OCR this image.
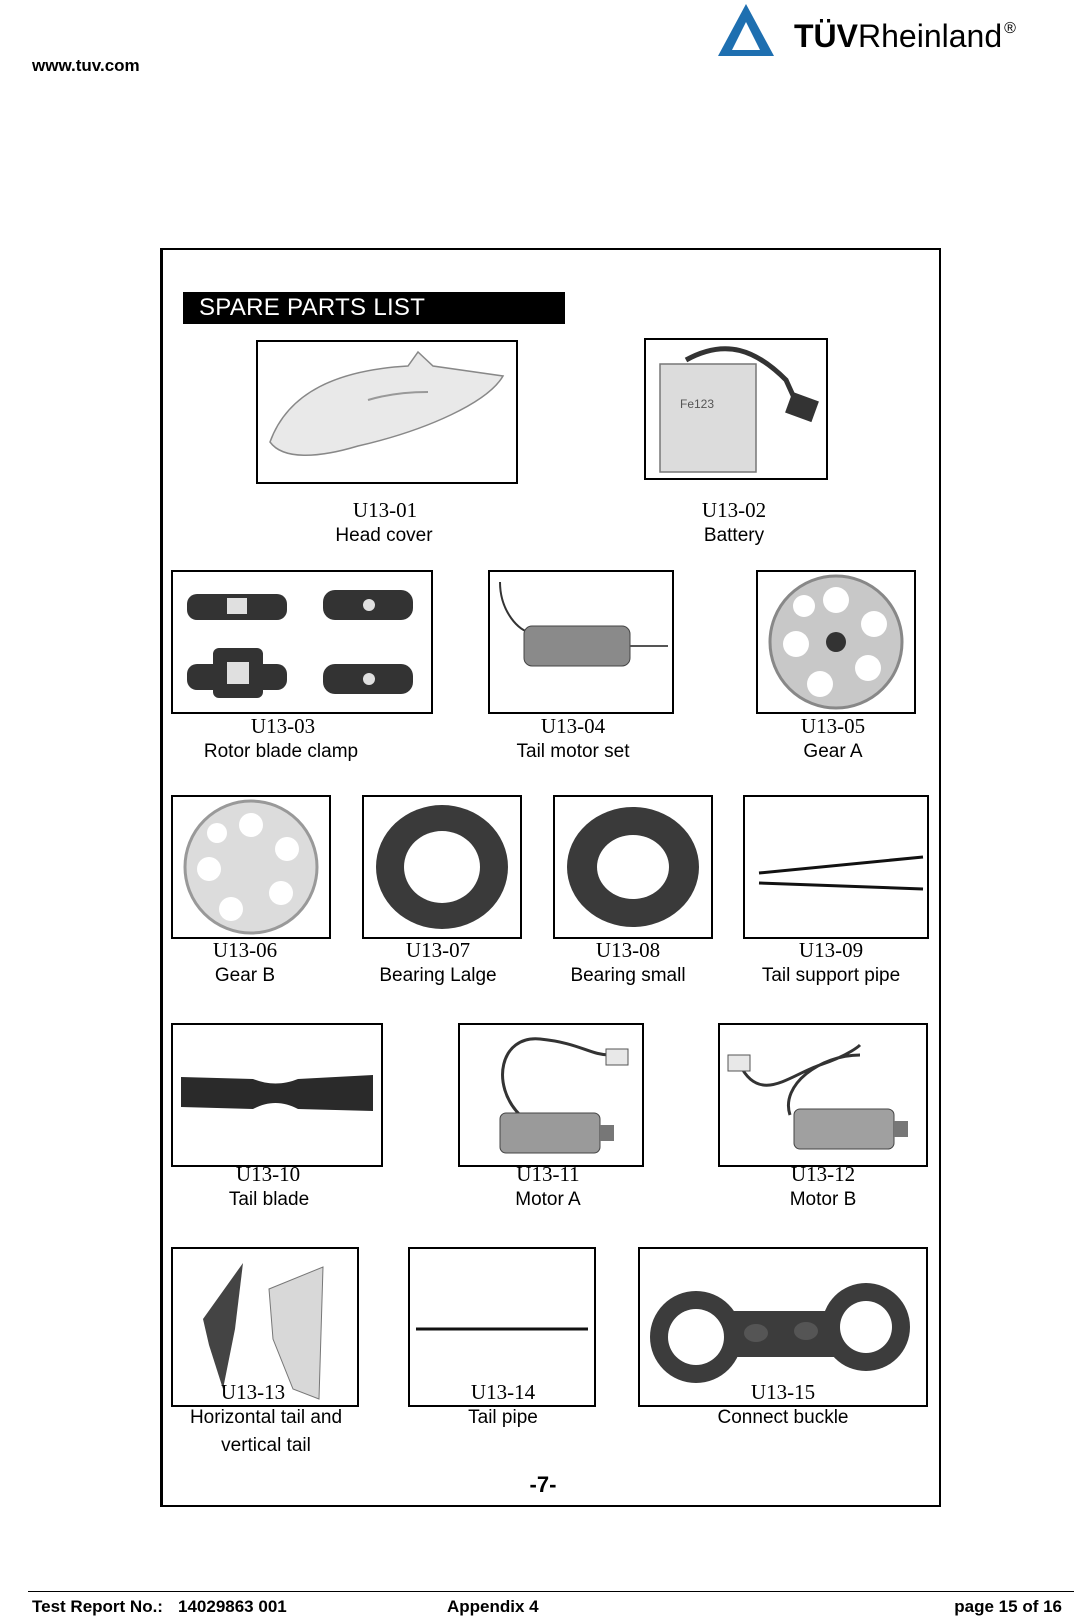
www.tuv.com
TÜVRheinland ®
SPARE PARTS LIST
Fe123
U13-01
Head cover
U13-02
Battery
U13-03
Rotor blade clamp
U13-04
Tail motor set
U13-05
Gear A
U13-06
Gear B
U13-07
Bearing Lalge
U13-08
Bearing small
U13-09
Tail support pipe
U13-10
Tail blade
U13-11
Motor A
U13-12
Motor B
U13-13
Horizontal tail and
vertical tail
U13-14
Tail pipe
U13-15
Connect buckle
-7-
Test Report No.: 14029863 001	Appendix 4	page 15 of 16
